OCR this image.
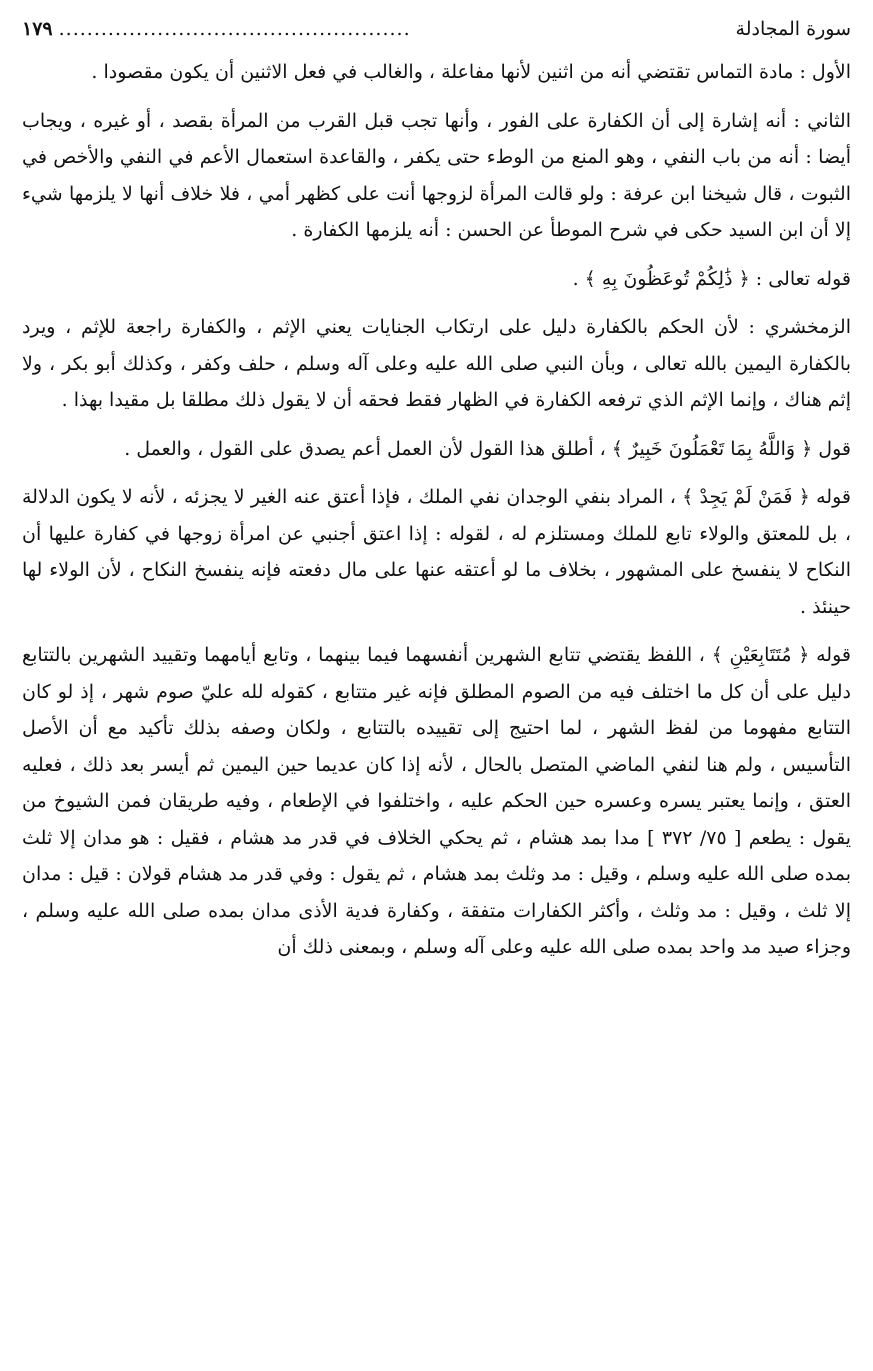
سورة المجادلة
..................................................
١٧٩

الأول : مادة التماس تقتضي أنه من اثنين لأنها مفاعلة ، والغالب في فعل الاثنين أن يكون مقصودا .

الثاني : أنه إشارة إلى أن الكفارة على الفور ، وأنها تجب قبل القرب من المرأة بقصد ، أو غيره ، ويجاب أيضا : أنه من باب النفي ، وهو المنع من الوطء حتى يكفر ، والقاعدة استعمال الأعم في النفي والأخص في الثبوت ، قال شيخنا ابن عرفة : ولو قالت المرأة لزوجها أنت على كظهر أمي ، فلا خلاف أنها لا يلزمها شيء إلا أن ابن السيد حكى في شرح الموطأ عن الحسن : أنه يلزمها الكفارة .

قوله تعالى : ﴿ ذَٰلِكُمْ تُوعَظُونَ بِهِ ﴾ .

الزمخشري : لأن الحكم بالكفارة دليل على ارتكاب الجنايات يعني الإثم ، والكفارة راجعة للإثم ، ويرد بالكفارة اليمين بالله تعالى ، وبأن النبي صلى الله عليه وعلى آله وسلم ، حلف وكفر ، وكذلك أبو بكر ، ولا إثم هناك ، وإنما الإثم الذي ترفعه الكفارة في الظهار فقط فحقه أن لا يقول ذلك مطلقا بل مقيدا بهذا .

قول ﴿ وَاللَّهُ بِمَا تَعْمَلُونَ خَبِيرٌ ﴾ ، أطلق هذا القول لأن العمل أعم يصدق على القول ، والعمل .

قوله ﴿ فَمَنْ لَمْ يَجِدْ ﴾ ، المراد بنفي الوجدان نفي الملك ، فإذا أعتق عنه الغير لا يجزئه ، لأنه لا يكون الدلالة ، بل للمعتق والولاء تابع للملك ومستلزم له ، لقوله : إذا اعتق أجنبي عن امرأة زوجها في كفارة عليها أن النكاح لا ينفسخ على المشهور ، بخلاف ما لو أعتقه عنها على مال دفعته فإنه ينفسخ النكاح ، لأن الولاء لها حينئذ .

قوله ﴿ مُتَتَابِعَيْنِ ﴾ ، اللفظ يقتضي تتابع الشهرين أنفسهما فيما بينهما ، وتابع أيامهما وتقييد الشهرين بالتتابع دليل على أن كل ما اختلف فيه من الصوم المطلق فإنه غير متتابع ، كقوله لله عليّ صوم شهر ، إذ لو كان التتابع مفهوما من لفظ الشهر ، لما احتيج إلى تقييده بالتتابع ، ولكان وصفه بذلك تأكيد مع أن الأصل التأسيس ، ولم هنا لنفي الماضي المتصل بالحال ، لأنه إذا كان عديما حين اليمين ثم أيسر بعد ذلك ، فعليه العتق ، وإنما يعتبر يسره وعسره حين الحكم عليه ، واختلفوا في الإطعام ، وفيه طريقان فمن الشيوخ من يقول : يطعم [ ٧٥/ ٣٧٢ ] مدا بمد هشام ، ثم يحكي الخلاف في قدر مد هشام ، فقيل : هو مدان إلا ثلث بمده صلى الله عليه وسلم ، وقيل : مد وثلث بمد هشام ، ثم يقول : وفي قدر مد هشام قولان : قيل : مدان إلا ثلث ، وقيل : مد وثلث ، وأكثر الكفارات متفقة ، وكفارة فدية الأذى مدان بمده صلى الله عليه وسلم ، وجزاء صيد مد واحد بمده صلى الله عليه وعلى آله وسلم ، وبمعنى ذلك أن
